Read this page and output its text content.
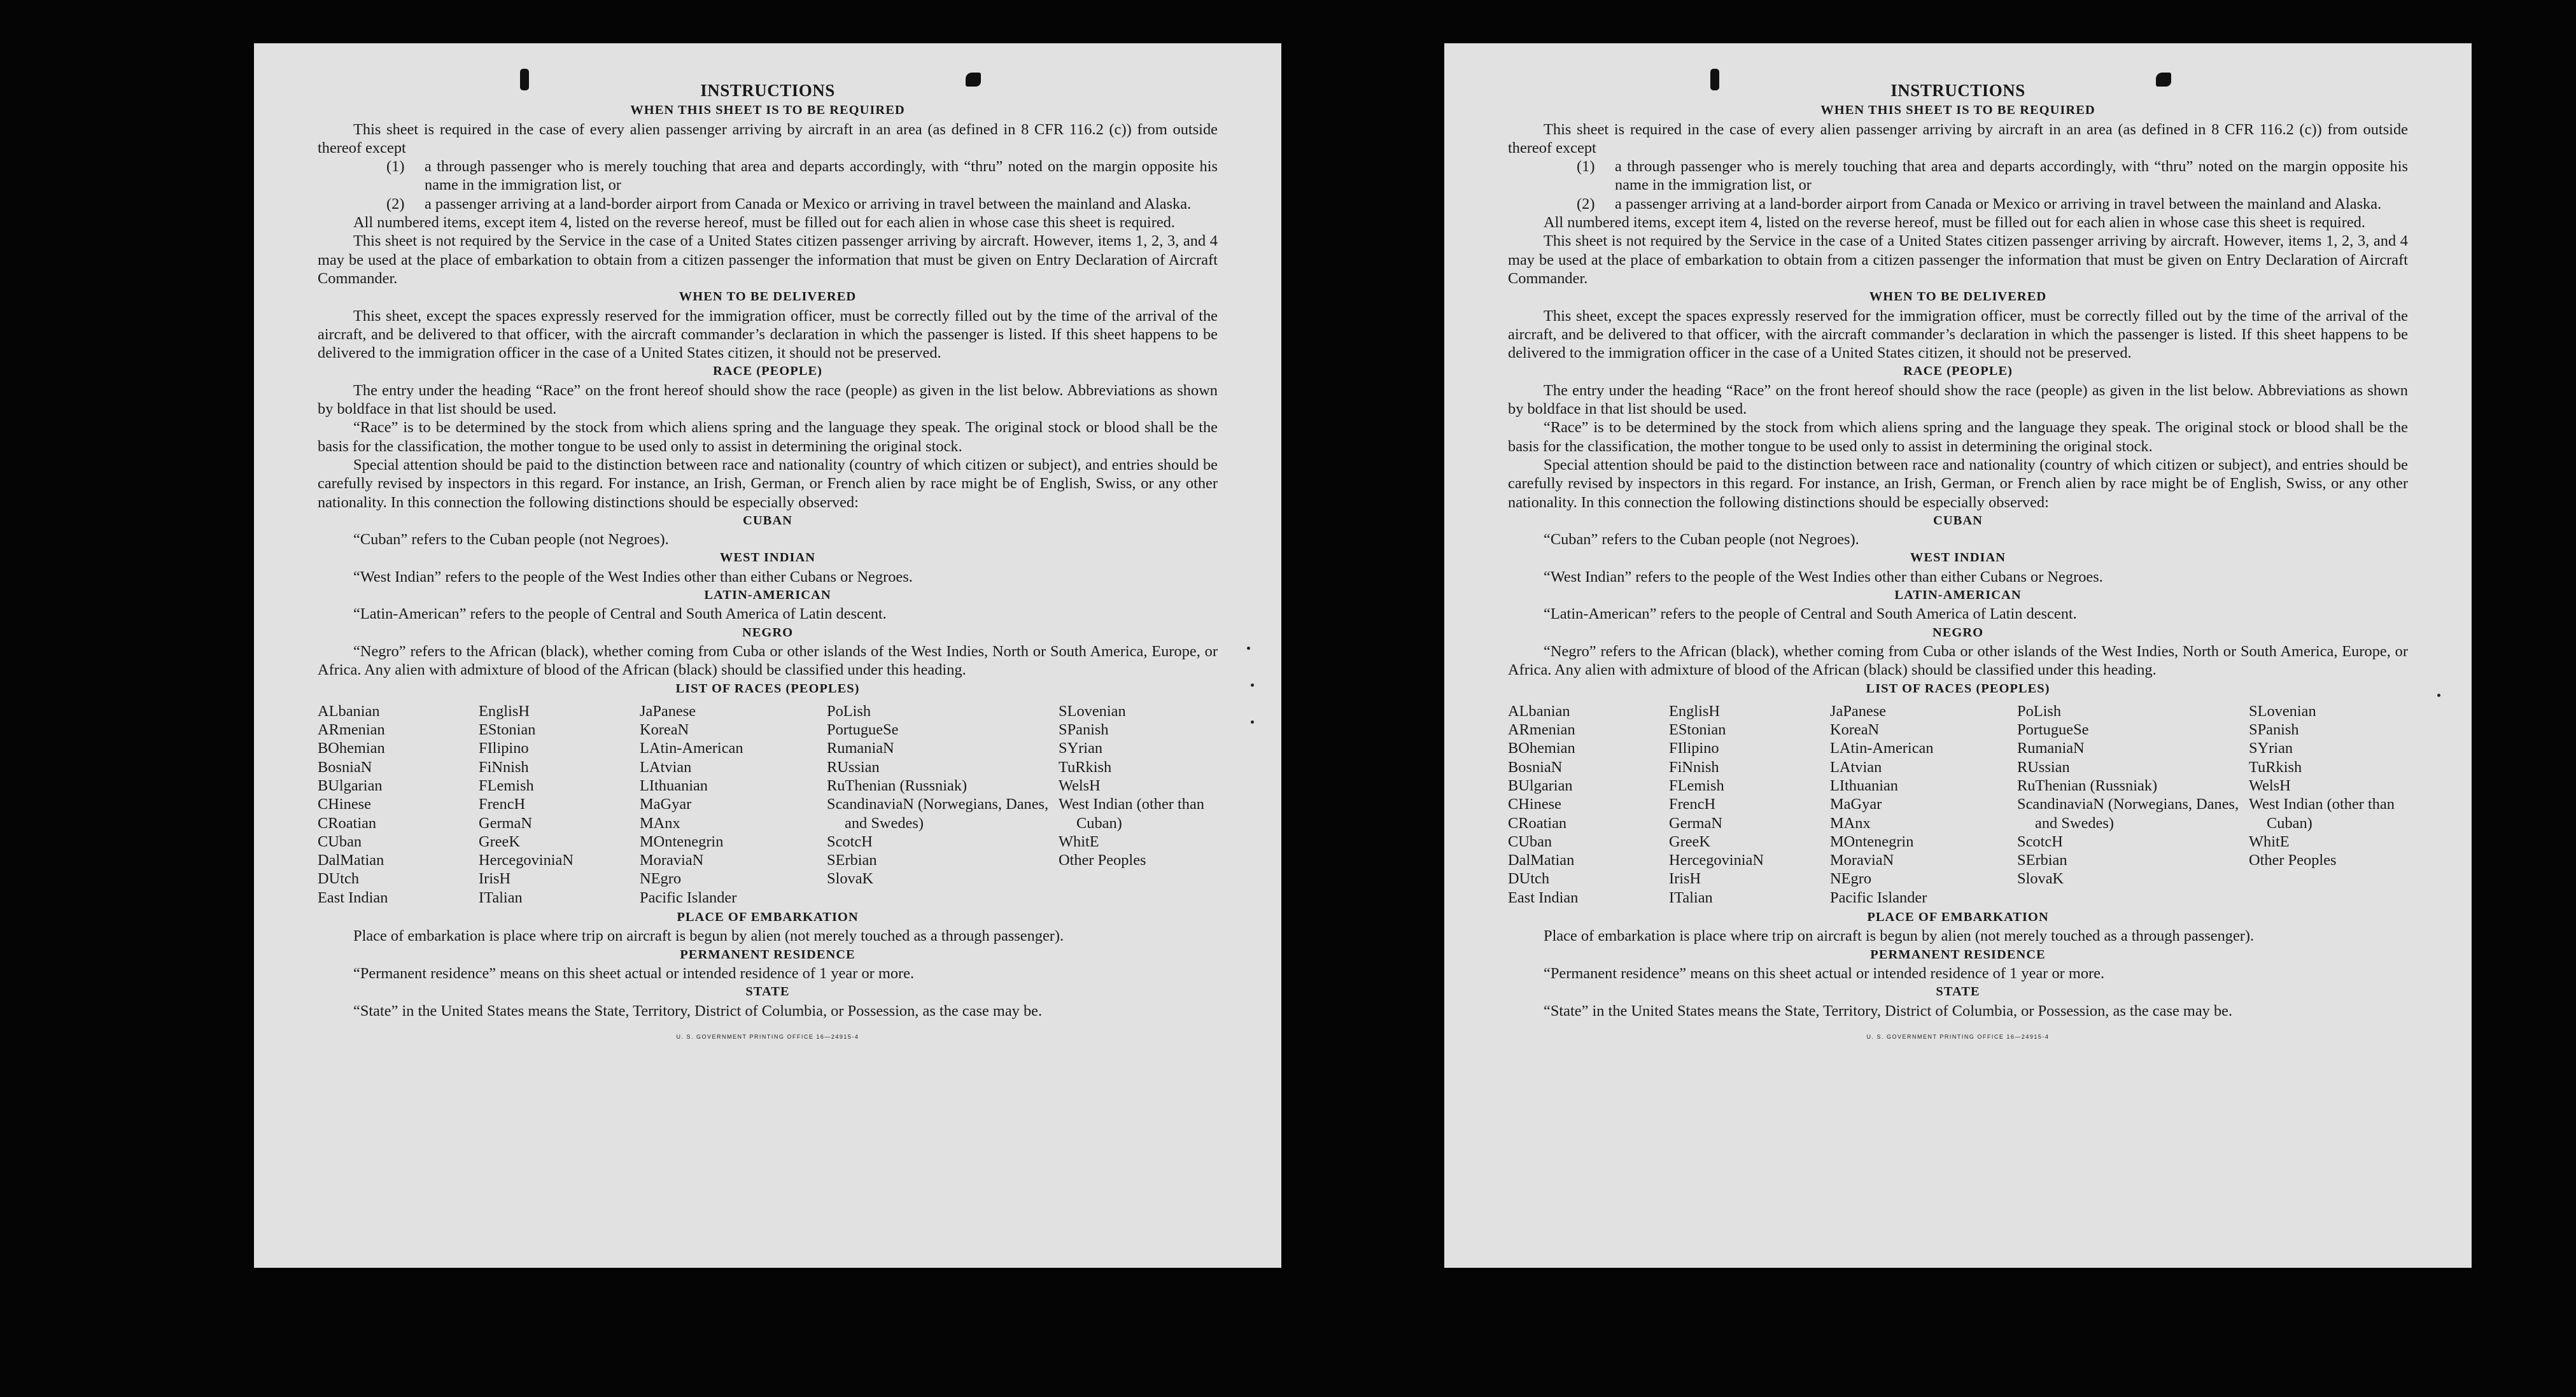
INSTRUCTIONS
WHEN THIS SHEET IS TO BE REQUIRED

This sheet is required in the case of every alien passenger arriving by aircraft in an area (as defined in 8 CFR 116.2 (c)) from outside thereof except

(1) a through passenger who is merely touching that area and departs accordingly, with “thru” noted on the margin opposite his name in the immigration list, or

(2) a passenger arriving at a land-border airport from Canada or Mexico or arriving in travel between the mainland and Alaska.

All numbered items, except item 4, listed on the reverse hereof, must be filled out for each alien in whose case this sheet is required.

This sheet is not required by the Service in the case of a United States citizen passenger arriving by aircraft. However, items 1, 2, 3, and 4 may be used at the place of embarkation to obtain from a citizen passenger the information that must be given on Entry Declaration of Aircraft Commander.

WHEN TO BE DELIVERED

This sheet, except the spaces expressly reserved for the immigration officer, must be correctly filled out by the time of the arrival of the aircraft, and be delivered to that officer, with the aircraft commander’s declaration in which the passenger is listed. If this sheet happens to be delivered to the immigration officer in the case of a United States citizen, it should not be preserved.

RACE (PEOPLE)

The entry under the heading “Race” on the front hereof should show the race (people) as given in the list below. Abbreviations as shown by boldface in that list should be used.

“Race” is to be determined by the stock from which aliens spring and the language they speak. The original stock or blood shall be the basis for the classification, the mother tongue to be used only to assist in determining the original stock.

Special attention should be paid to the distinction between race and nationality (country of which citizen or subject), and entries should be carefully revised by inspectors in this regard. For instance, an Irish, German, or French alien by race might be of English, Swiss, or any other nationality. In this connection the following distinctions should be especially observed:

CUBAN

“Cuban” refers to the Cuban people (not Negroes).

WEST INDIAN

“West Indian” refers to the people of the West Indies other than either Cubans or Negroes.

LATIN-AMERICAN

“Latin-American” refers to the people of Central and South America of Latin descent.

NEGRO

“Negro” refers to the African (black), whether coming from Cuba or other islands of the West Indies, North or South America, Europe, or Africa. Any alien with admixture of blood of the African (black) should be classified under this heading.

LIST OF RACES (PEOPLES)
ALbanian
ARmenian
BOhemian
BosniaN
BUlgarian
CHinese
CRoatian
CUban
DalMatian
DUtch
East Indian
EnglisH
EStonian
FIlipino
FiNnish
FLemish
FrencH
GermaN
GreeK
HercegoviniaN
IrisH
ITalian
JaPanese
KoreaN
LAtin-American
LAtvian
LIthuanian
MaGyar
MAnx
MOntenegrin
MoraviaN
NEgro
Pacific Islander
PoLish
PortugueSe
RumaniaN
RUssian
RuThenian (Russniak)
ScandinaviaN (Norwegians, Danes, and Swedes)
ScotcH
SErbian
SlovaK
SLovenian
SPanish
SYrian
TuRkish
WelsH
West Indian (other than Cuban)
WhitE
Other Peoples
PLACE OF EMBARKATION

Place of embarkation is place where trip on aircraft is begun by alien (not merely touched as a through passenger).

PERMANENT RESIDENCE

“Permanent residence” means on this sheet actual or intended residence of 1 year or more.

STATE

“State” in the United States means the State, Territory, District of Columbia, or Possession, as the case may be.

U. S. GOVERNMENT PRINTING OFFICE 16—24915-4
INSTRUCTIONS
WHEN THIS SHEET IS TO BE REQUIRED

This sheet is required in the case of every alien passenger arriving by aircraft in an area (as defined in 8 CFR 116.2 (c)) from outside thereof except

(1) a through passenger who is merely touching that area and departs accordingly, with “thru” noted on the margin opposite his name in the immigration list, or

(2) a passenger arriving at a land-border airport from Canada or Mexico or arriving in travel between the mainland and Alaska.

All numbered items, except item 4, listed on the reverse hereof, must be filled out for each alien in whose case this sheet is required.

This sheet is not required by the Service in the case of a United States citizen passenger arriving by aircraft. However, items 1, 2, 3, and 4 may be used at the place of embarkation to obtain from a citizen passenger the information that must be given on Entry Declaration of Aircraft Commander.

WHEN TO BE DELIVERED

This sheet, except the spaces expressly reserved for the immigration officer, must be correctly filled out by the time of the arrival of the aircraft, and be delivered to that officer, with the aircraft commander’s declaration in which the passenger is listed. If this sheet happens to be delivered to the immigration officer in the case of a United States citizen, it should not be preserved.

RACE (PEOPLE)

The entry under the heading “Race” on the front hereof should show the race (people) as given in the list below. Abbreviations as shown by boldface in that list should be used.

“Race” is to be determined by the stock from which aliens spring and the language they speak. The original stock or blood shall be the basis for the classification, the mother tongue to be used only to assist in determining the original stock.

Special attention should be paid to the distinction between race and nationality (country of which citizen or subject), and entries should be carefully revised by inspectors in this regard. For instance, an Irish, German, or French alien by race might be of English, Swiss, or any other nationality. In this connection the following distinctions should be especially observed:

CUBAN

“Cuban” refers to the Cuban people (not Negroes).

WEST INDIAN

“West Indian” refers to the people of the West Indies other than either Cubans or Negroes.

LATIN-AMERICAN

“Latin-American” refers to the people of Central and South America of Latin descent.

NEGRO

“Negro” refers to the African (black), whether coming from Cuba or other islands of the West Indies, North or South America, Europe, or Africa. Any alien with admixture of blood of the African (black) should be classified under this heading.

LIST OF RACES (PEOPLES)
ALbanian
ARmenian
BOhemian
BosniaN
BUlgarian
CHinese
CRoatian
CUban
DalMatian
DUtch
East Indian
EnglisH
EStonian
FIlipino
FiNnish
FLemish
FrencH
GermaN
GreeK
HercegoviniaN
IrisH
ITalian
JaPanese
KoreaN
LAtin-American
LAtvian
LIthuanian
MaGyar
MAnx
MOntenegrin
MoraviaN
NEgro
Pacific Islander
PoLish
PortugueSe
RumaniaN
RUssian
RuThenian (Russniak)
ScandinaviaN (Norwegians, Danes, and Swedes)
ScotcH
SErbian
SlovaK
SLovenian
SPanish
SYrian
TuRkish
WelsH
West Indian (other than Cuban)
WhitE
Other Peoples
PLACE OF EMBARKATION

Place of embarkation is place where trip on aircraft is begun by alien (not merely touched as a through passenger).

PERMANENT RESIDENCE

“Permanent residence” means on this sheet actual or intended residence of 1 year or more.

STATE

“State” in the United States means the State, Territory, District of Columbia, or Possession, as the case may be.

U. S. GOVERNMENT PRINTING OFFICE 16—24915-4
